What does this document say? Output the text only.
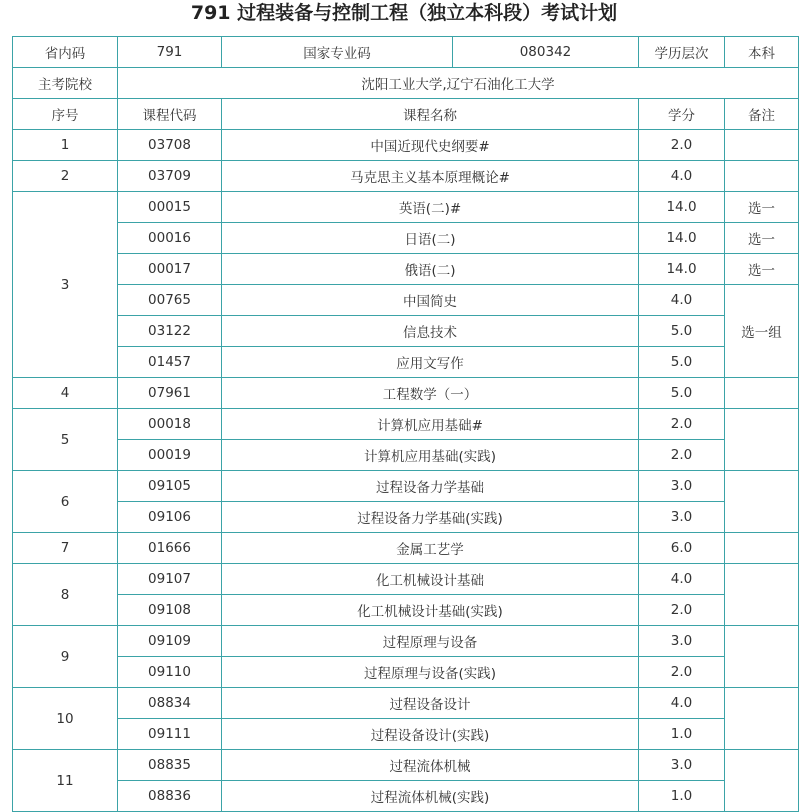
791 过程装备与控制工程（独立本科段）考试计划
省内码	791	国家专业码	080342	学历层次	本科
主考院校	沈阳工业大学,辽宁石油化工大学				
序号	课程代码	课程名称		学分	备注
1	03708	中国近现代史纲要#		2.0	
2	03709	马克思主义基本原理概论#		4.0	
3	00015	英语(二)#		14.0	选一
	00016	日语(二)		14.0	选一
	00017	俄语(二)		14.0	选一
	00765	中国简史		4.0	选一组
	03122	信息技术		5.0	
	01457	应用文写作		5.0	
4	07961	工程数学（一）		5.0	
5	00018	计算机应用基础#		2.0	
	00019	计算机应用基础(实践)		2.0	
6	09105	过程设备力学基础		3.0	
	09106	过程设备力学基础(实践)		3.0	
7	01666	金属工艺学		6.0	
8	09107	化工机械设计基础		4.0	
	09108	化工机械设计基础(实践)		2.0	
9	09109	过程原理与设备		3.0	
	09110	过程原理与设备(实践)		2.0	
10	08834	过程设备设计		4.0	
	09111	过程设备设计(实践)		1.0	
11	08835	过程流体机械		3.0	
	08836	过程流体机械(实践)		1.0	
